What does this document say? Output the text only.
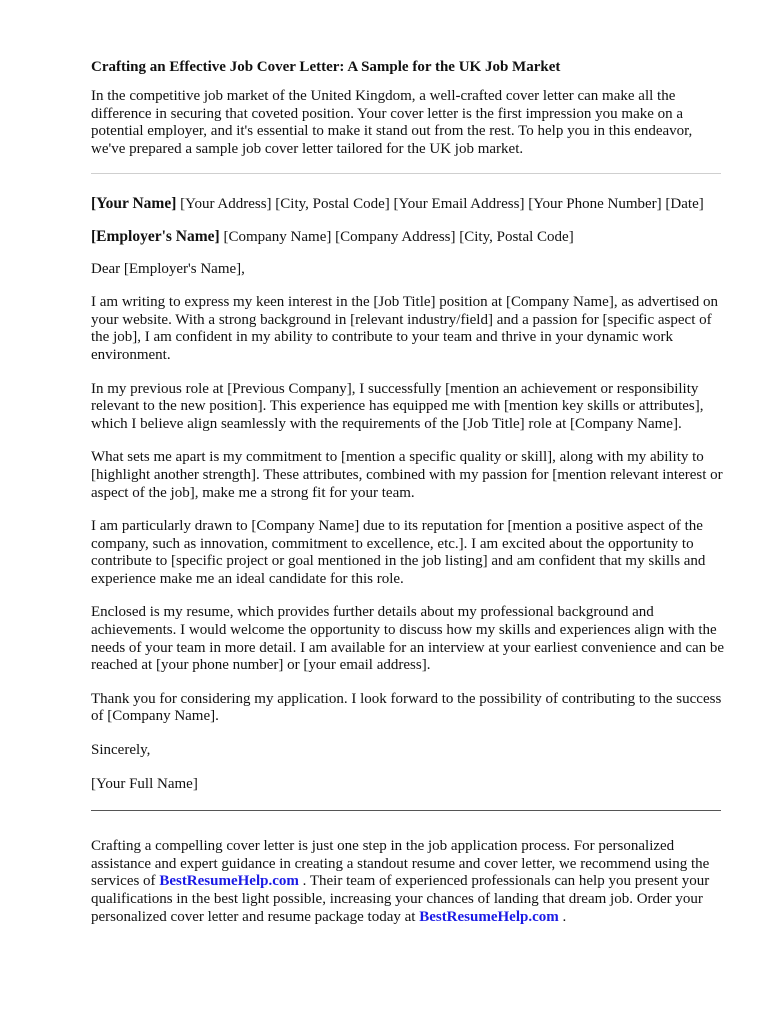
Crafting an Effective Job Cover Letter: A Sample for the UK Job Market

In the competitive job market of the United Kingdom, a well-crafted cover letter can make all the difference in securing that coveted position. Your cover letter is the first impression you make on a potential employer, and it's essential to make it stand out from the rest. To help you in this endeavor, we've prepared a sample job cover letter tailored for the UK job market.

[Your Name] [Your Address] [City, Postal Code] [Your Email Address] [Your Phone Number] [Date]

[Employer's Name] [Company Name] [Company Address] [City, Postal Code]

Dear [Employer's Name],

I am writing to express my keen interest in the [Job Title] position at [Company Name], as advertised on your website. With a strong background in [relevant industry/field] and a passion for [specific aspect of the job], I am confident in my ability to contribute to your team and thrive in your dynamic work environment.

In my previous role at [Previous Company], I successfully [mention an achievement or responsibility relevant to the new position]. This experience has equipped me with [mention key skills or attributes], which I believe align seamlessly with the requirements of the [Job Title] role at [Company Name].

What sets me apart is my commitment to [mention a specific quality or skill], along with my ability to [highlight another strength]. These attributes, combined with my passion for [mention relevant interest or aspect of the job], make me a strong fit for your team.

I am particularly drawn to [Company Name] due to its reputation for [mention a positive aspect of the company, such as innovation, commitment to excellence, etc.]. I am excited about the opportunity to contribute to [specific project or goal mentioned in the job listing] and am confident that my skills and experience make me an ideal candidate for this role.

Enclosed is my resume, which provides further details about my professional background and achievements. I would welcome the opportunity to discuss how my skills and experiences align with the needs of your team in more detail. I am available for an interview at your earliest convenience and can be reached at [your phone number] or [your email address].

Thank you for considering my application. I look forward to the possibility of contributing to the success of [Company Name].

Sincerely,

[Your Full Name]

Crafting a compelling cover letter is just one step in the job application process. For personalized assistance and expert guidance in creating a standout resume and cover letter, we recommend using the services of BestResumeHelp.com . Their team of experienced professionals can help you present your qualifications in the best light possible, increasing your chances of landing that dream job. Order your personalized cover letter and resume package today at BestResumeHelp.com .
